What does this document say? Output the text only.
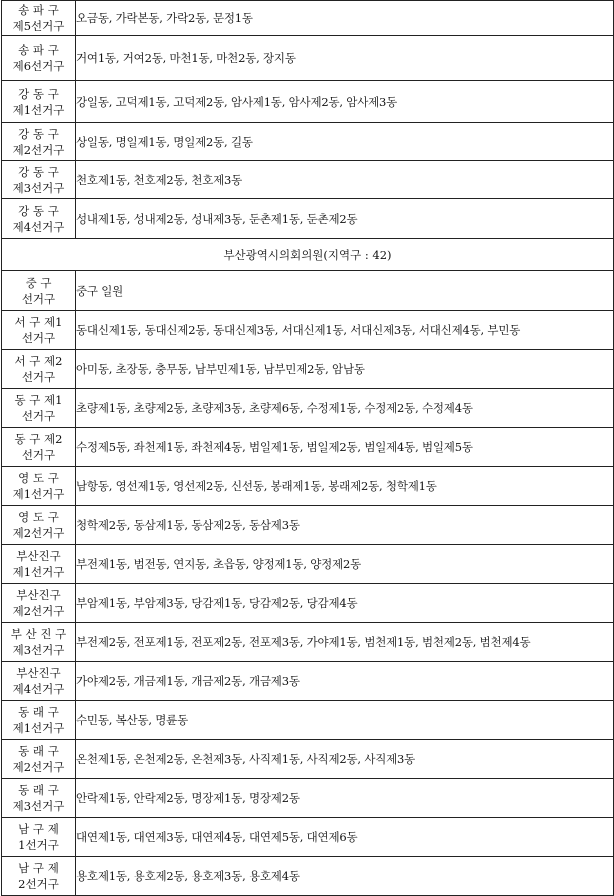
송 파 구
제5선거구	오금동, 가락본동, 가락2동, 문정1동

송 파 구
제6선거구	거여1동, 거여2동, 마천1동, 마천2동, 장지동

강 동 구
제1선거구	강일동, 고덕제1동, 고덕제2동, 암사제1동, 암사제2동, 암사제3동

강 동 구
제2선거구	상일동, 명일제1동, 명일제2동, 길동

강 동 구
제3선거구	천호제1동, 천호제2동, 천호제3동

강 동 구
제4선거구	성내제1동, 성내제2동, 성내제3동, 둔촌제1동, 둔촌제2동
부산광역시의회의원(지역구 : 42)	

중 구
선거구	중구 일원

서 구 제1
선거구	동대신제1동, 동대신제2동, 동대신제3동, 서대신제1동, 서대신제3동, 서대신제4동, 부민동

서 구 제2
선거구	아미동, 초장동, 충무동, 남부민제1동, 남부민제2동, 암남동

동 구 제1
선거구	초량제1동, 초량제2동, 초량제3동, 초량제6동, 수정제1동, 수정제2동, 수정제4동

동 구 제2
선거구	수정제5동, 좌천제1동, 좌천제4동, 범일제1동, 범일제2동, 범일제4동, 범일제5동

영 도 구
제1선거구	남항동, 영선제1동, 영선제2동, 신선동, 봉래제1동, 봉래제2동, 청학제1동

영 도 구
제2선거구	청학제2동, 동삼제1동, 동삼제2동, 동삼제3동

부산진구
제1선거구	부전제1동, 범전동, 연지동, 초읍동, 양정제1동, 양정제2동

부산진구
제2선거구	부암제1동, 부암제3동, 당감제1동, 당감제2동, 당감제4동

부 산 진 구
제3선거구	부전제2동, 전포제1동, 전포제2동, 전포제3동, 가야제1동, 범천제1동, 범천제2동, 범천제4동

부산진구
제4선거구	가야제2동, 개금제1동, 개금제2동, 개금제3동

동 래 구
제1선거구	수민동, 복산동, 명륜동

동 래 구
제2선거구	온천제1동, 온천제2동, 온천제3동, 사직제1동, 사직제2동, 사직제3동

동 래 구
제3선거구	안락제1동, 안락제2동, 명장제1동, 명장제2동

남 구 제
1선거구	대연제1동, 대연제3동, 대연제4동, 대연제5동, 대연제6동

남 구 제
2선거구	용호제1동, 용호제2동, 용호제3동, 용호제4동
